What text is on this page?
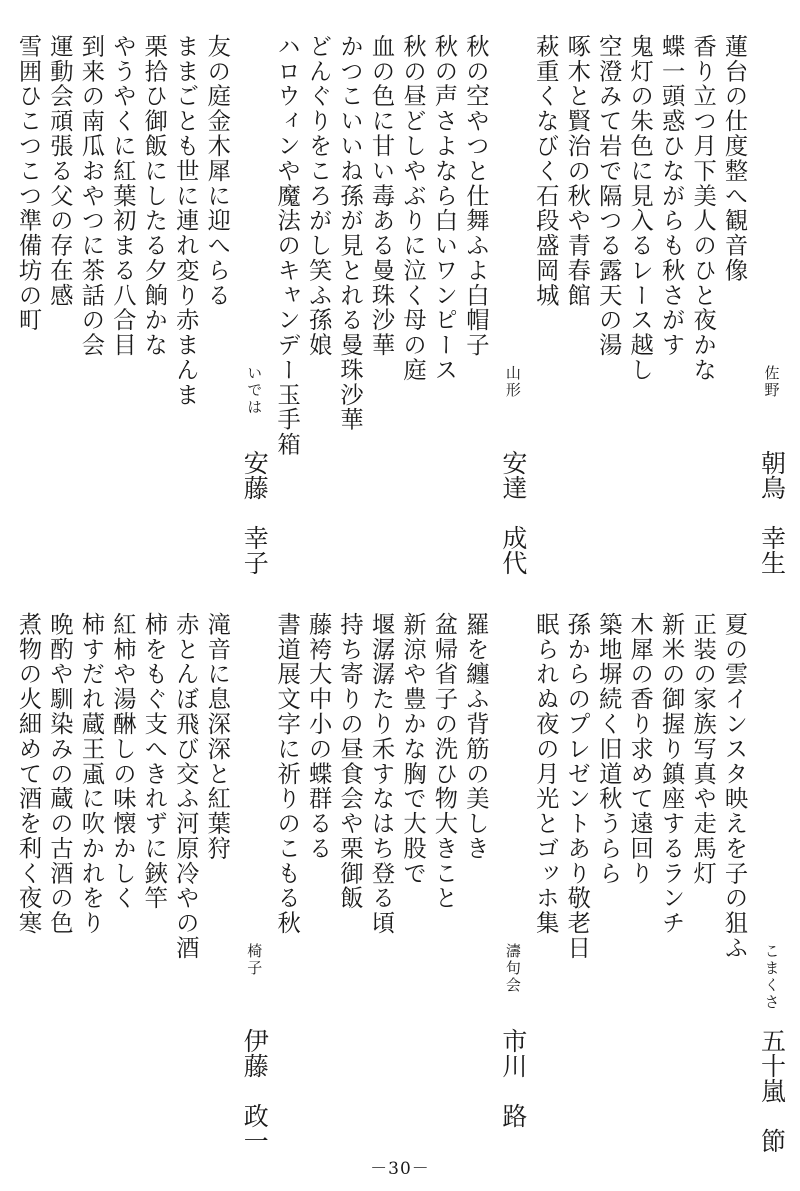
佐野
朝鳥　幸生
蓮台の仕度整へ観音像
香り立つ月下美人のひと夜かな
蝶一頭惑ひながらも秋さがす
鬼灯の朱色に見入るレース越し
空澄みて岩で隔つる露天の湯
啄木と賢治の秋や青春館
萩重くなびく石段盛岡城
山形
安達　成代
秋の空やつと仕舞ふよ白帽子
秋の声さよなら白いワンピース
秋の昼どしやぶりに泣く母の庭
血の色に甘い毒ある曼珠沙華
かつこいいね孫が見とれる曼珠沙華
どんぐりをころがし笑ふ孫娘
ハロウィンや魔法のキャンデー玉手箱
いでは
安藤　幸子
友の庭金木犀に迎へらる
ままごとも世に連れ変り赤まんま
栗拾ひ御飯にしたる夕餉かな
やうやくに紅葉初まる八合目
到来の南瓜おやつに茶話の会
運動会頑張る父の存在感
雪囲ひこつこつ準備坊の町
こまくさ
五十嵐　節
夏の雲インスタ映えを子の狙ふ
正装の家族写真や走馬灯
新米の御握り鎮座するランチ
木犀の香り求めて遠回り
築地塀続く旧道秋うらら
孫からのプレゼントあり敬老日
眠られぬ夜の月光とゴッホ集
濤句会
市川　路
羅を纏ふ背筋の美しき
盆帰省子の洗ひ物大きこと
新涼や豊かな胸で大股で
堰潺潺たり禾すなはち登る頃
持ち寄りの昼食会や栗御飯
藤袴大中小の蝶群るる
書道展文字に祈りのこもる秋
椅子
伊藤　政一
滝音に息深深と紅葉狩
赤とんぼ飛び交ふ河原冷やの酒
柿をもぐ支へきれずに鋏竿
紅柿や湯醂しの味懐かしく
柿すだれ蔵王颪に吹かれをり
晩酌や馴染みの蔵の古酒の色
煮物の火細めて酒を利く夜寒
－30－
